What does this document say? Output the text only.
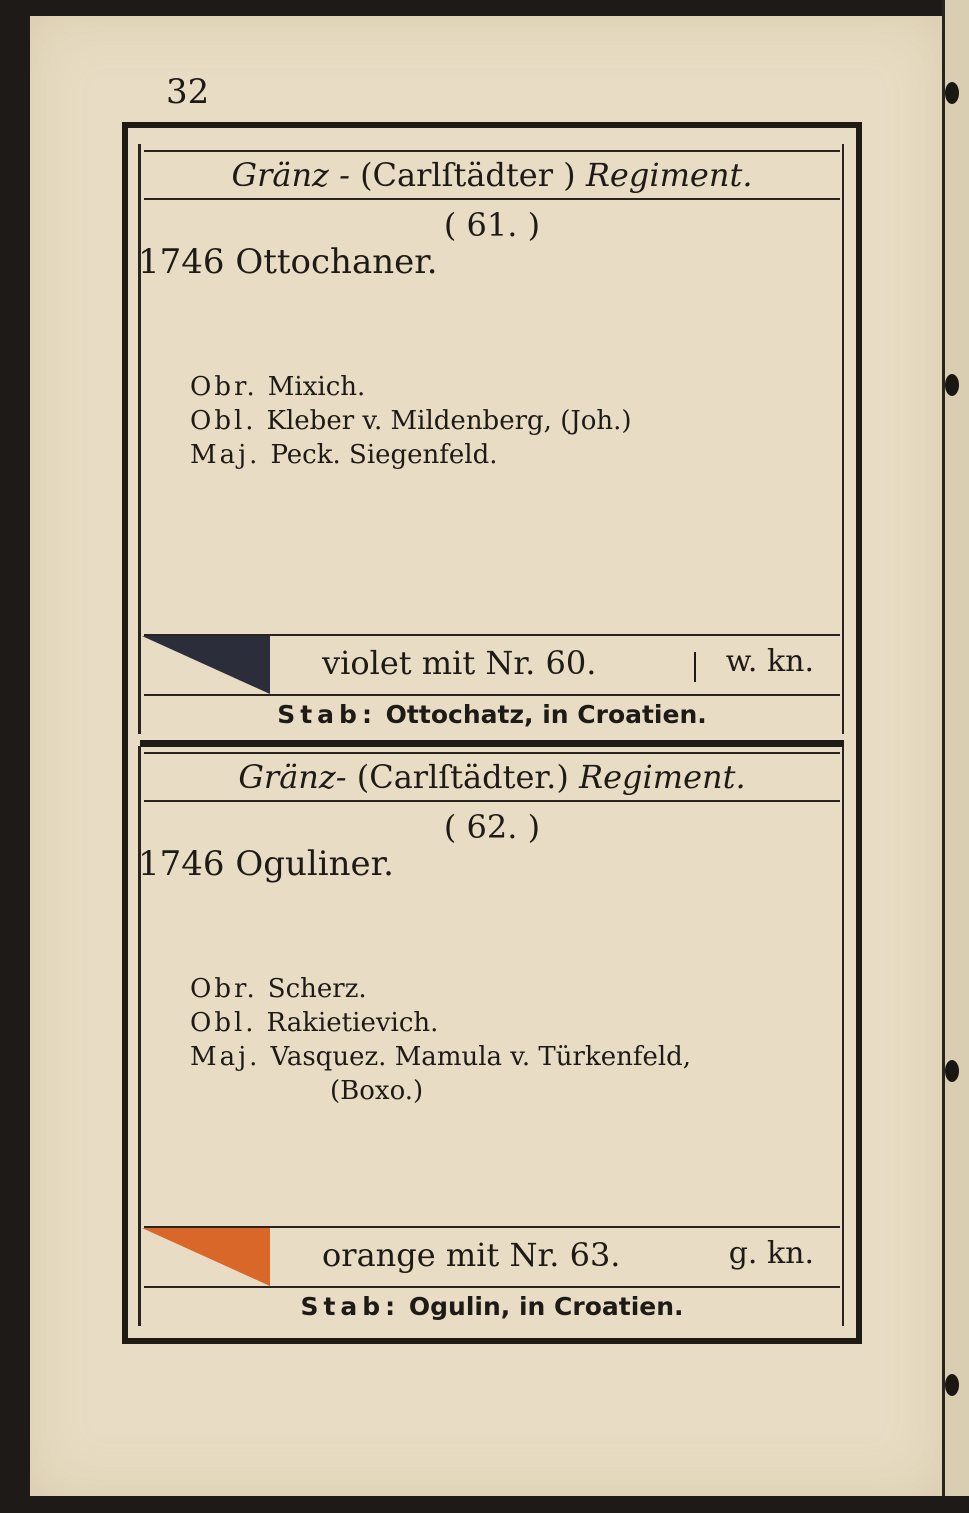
32
Gränz - (Carlſtädter ) Regiment.
( 61. )
1746 Ottochaner.
Obr. Mixich.
Obl. Kleber v. Mildenberg, (Joh.)
Maj. Peck. Siegenfeld.
violet mit Nr. 60.	w. kn.
Stab: Ottochatz, in Croatien.
Gränz- (Carlſtädter.) Regiment.
( 62. )
1746 Oguliner.
Obr. Scherz.
Obl. Rakietievich.
Maj. Vasquez. Mamula v. Türkenfeld,
(Boxo.)
orange mit Nr. 63.	g. kn.
Stab: Ogulin, in Croatien.
